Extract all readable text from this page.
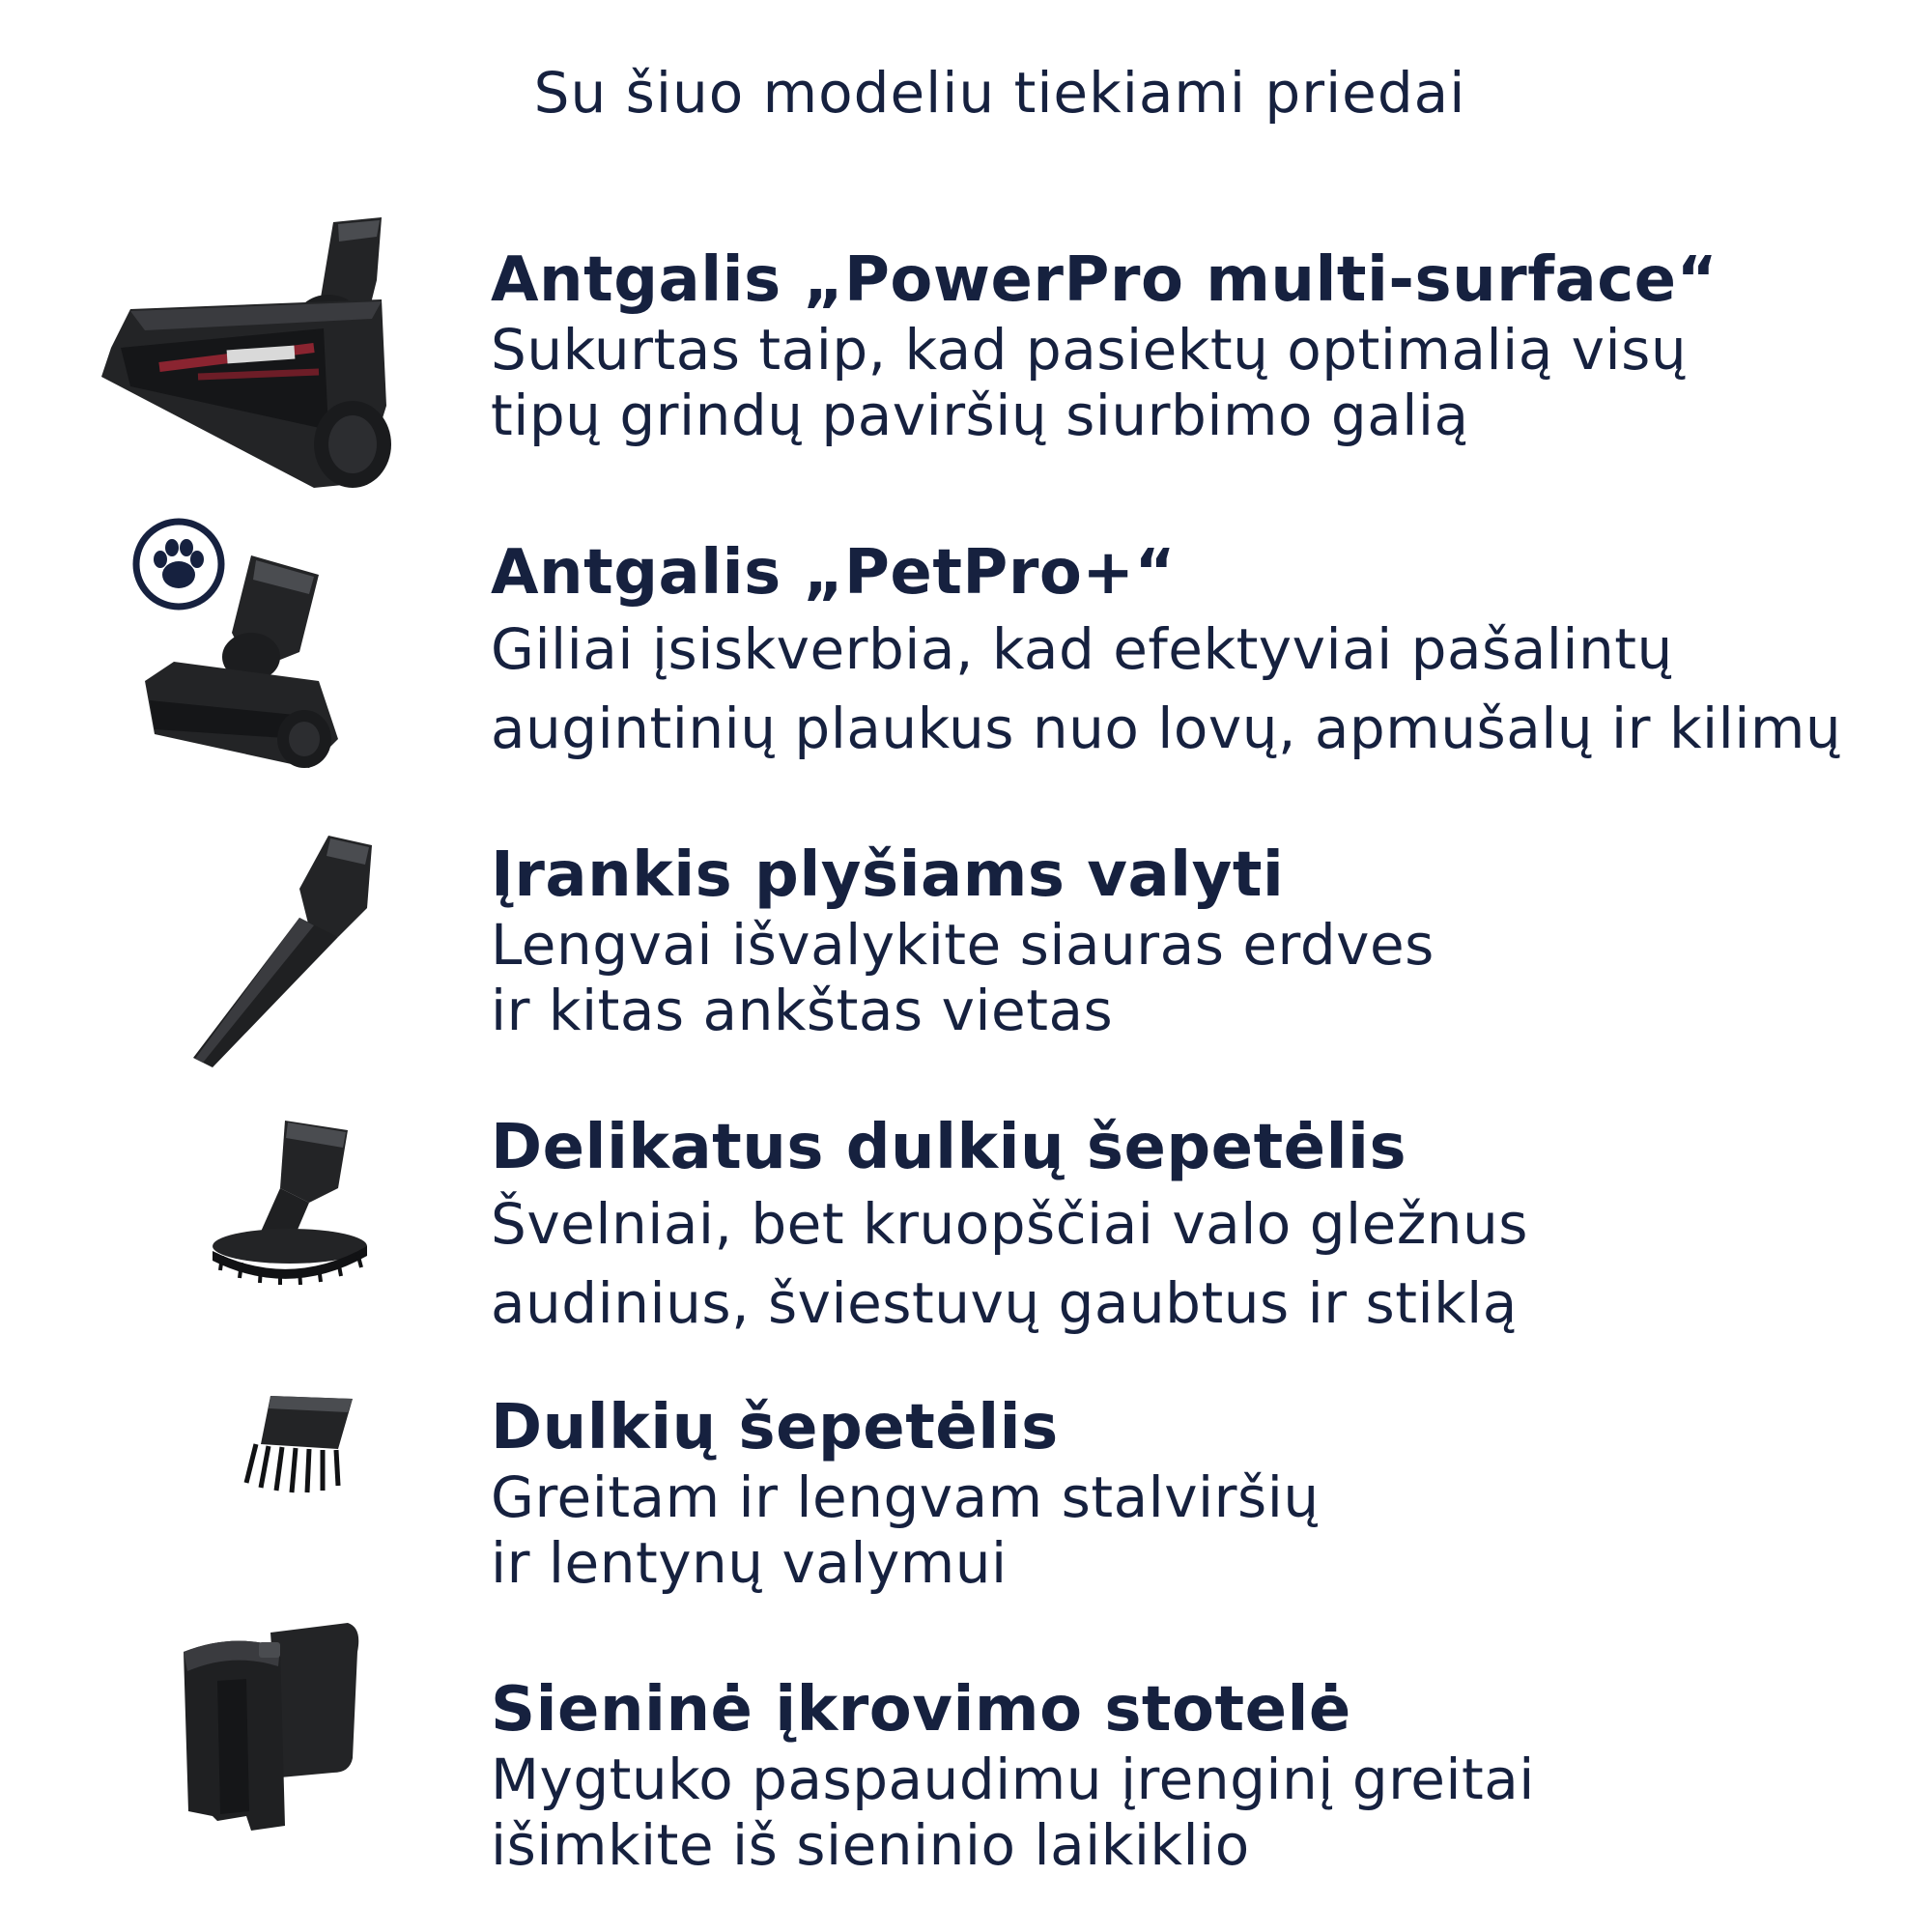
Su šiuo modeliu tiekiami priedai
Antgalis „PowerPro multi-surface“

Sukurtas taip, kad pasiektų optimalią visų
tipų grindų paviršių siurbimo galią

Antgalis „PetPro+“

Giliai įsiskverbia, kad efektyviai pašalintų
augintinių plaukus nuo lovų, apmušalų ir kilimų

Įrankis plyšiams valyti

Lengvai išvalykite siauras erdves
ir kitas ankštas vietas

Delikatus dulkių šepetėlis

Švelniai, bet kruopščiai valo gležnus
audinius, šviestuvų gaubtus ir stiklą

Dulkių šepetėlis

Greitam ir lengvam stalviršių
ir lentynų valymui

Sieninė įkrovimo stotelė

Mygtuko paspaudimu įrenginį greitai
išimkite iš sieninio laikiklio
